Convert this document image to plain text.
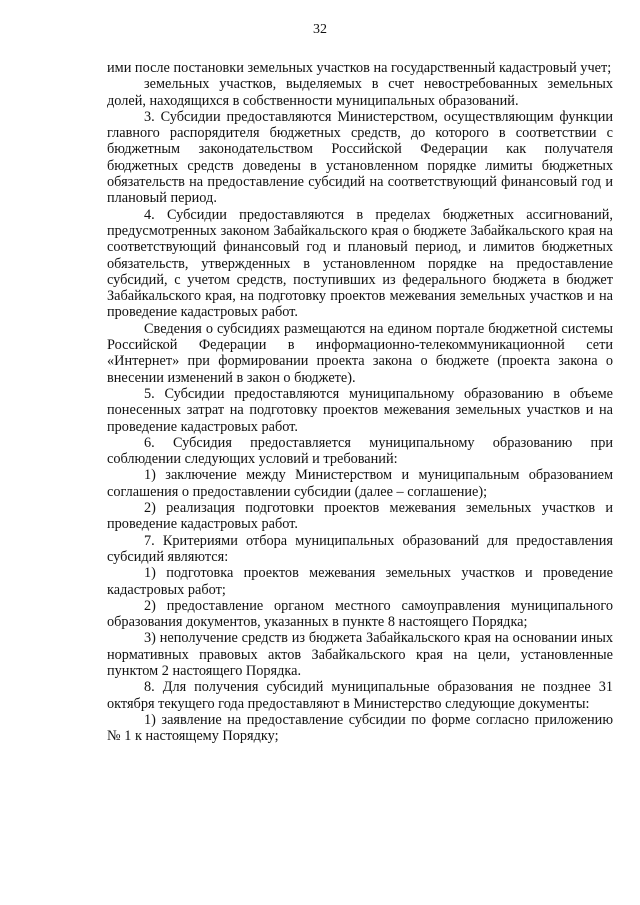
32

ими после постановки земельных участков на государственный кадастровый учет;

земельных участков, выделяемых в счет невостребованных земельных долей, находящихся в собственности муниципальных образований.

3. Субсидии предоставляются Министерством, осуществляющим функции главного распорядителя бюджетных средств, до которого в соответствии с бюджетным законодательством Российской Федерации как получателя бюджетных средств доведены в установленном порядке лимиты бюджетных обязательств на предоставление субсидий на соответствующий финансовый год и плановый период.

4. Субсидии предоставляются в пределах бюджетных ассигнований, предусмотренных законом Забайкальского края о бюджете Забайкальского края на соответствующий финансовый год и плановый период, и лимитов бюджетных обязательств, утвержденных в установленном порядке на предоставление субсидий, с учетом средств, поступивших из федерального бюджета в бюджет Забайкальского края, на подготовку проектов межевания земельных участков и на проведение кадастровых работ.

Сведения о субсидиях размещаются на едином портале бюджетной системы Российской Федерации в информационно-телекоммуникационной сети «Интернет» при формировании проекта закона о бюджете (проекта закона о внесении изменений в закон о бюджете).

5. Субсидии предоставляются муниципальному образованию в объеме понесенных затрат на подготовку проектов межевания земельных участков и на проведение кадастровых работ.

6. Субсидия предоставляется муниципальному образованию при соблюдении следующих условий и требований:

1) заключение между Министерством и муниципальным образованием соглашения о предоставлении субсидии (далее – соглашение);

2) реализация подготовки проектов межевания земельных участков и проведение кадастровых работ.

7. Критериями отбора муниципальных образований для предоставления субсидий являются:

1) подготовка проектов межевания земельных участков и проведение кадастровых работ;

2) предоставление органом местного самоуправления муниципального образования документов, указанных в пункте 8 настоящего Порядка;

3) неполучение средств из бюджета Забайкальского края на основании иных нормативных правовых актов Забайкальского края на цели, установленные пунктом 2 настоящего Порядка.

8. Для получения субсидий муниципальные образования не позднее 31 октября текущего года предоставляют в Министерство следующие документы:

1) заявление на предоставление субсидии по форме согласно приложению № 1 к настоящему Порядку;
